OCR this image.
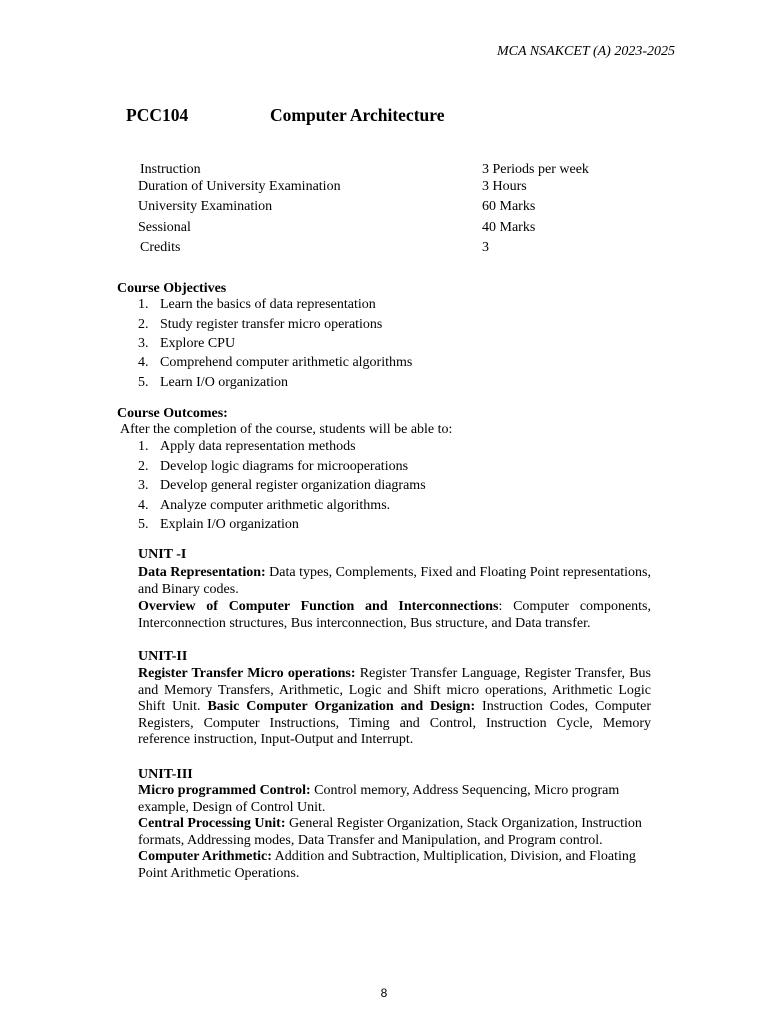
MCA NSAKCET (A) 2023-2025
PCC104	Computer Architecture
Instruction	3 Periods per week
Duration of University Examination	3 Hours
University Examination	60 Marks
Sessional	40 Marks
Credits	3
Course Objectives
1. Learn the basics of data representation
2. Study register transfer micro operations
3. Explore CPU
4. Comprehend computer arithmetic algorithms
5. Learn I/O organization
Course Outcomes:
After the completion of the course, students will be able to:
1. Apply data representation methods
2. Develop logic diagrams for microoperations
3. Develop general register organization diagrams
4. Analyze computer arithmetic algorithms.
5. Explain I/O organization
UNIT -I
Data Representation: Data types, Complements, Fixed and Floating Point representations, and Binary codes.
Overview of Computer Function and Interconnections: Computer components, Interconnection structures, Bus interconnection, Bus structure, and Data transfer.
UNIT-II
Register Transfer Micro operations: Register Transfer Language, Register Transfer, Bus and Memory Transfers, Arithmetic, Logic and Shift micro operations, Arithmetic Logic Shift Unit. Basic Computer Organization and Design: Instruction Codes, Computer Registers, Computer Instructions, Timing and Control, Instruction Cycle, Memory reference instruction, Input-Output and Interrupt.
UNIT-III
Micro programmed Control: Control memory, Address Sequencing, Micro program example, Design of Control Unit.
Central Processing Unit: General Register Organization, Stack Organization, Instruction formats, Addressing modes, Data Transfer and Manipulation, and Program control.
Computer Arithmetic: Addition and Subtraction, Multiplication, Division, and Floating Point Arithmetic Operations.
8
